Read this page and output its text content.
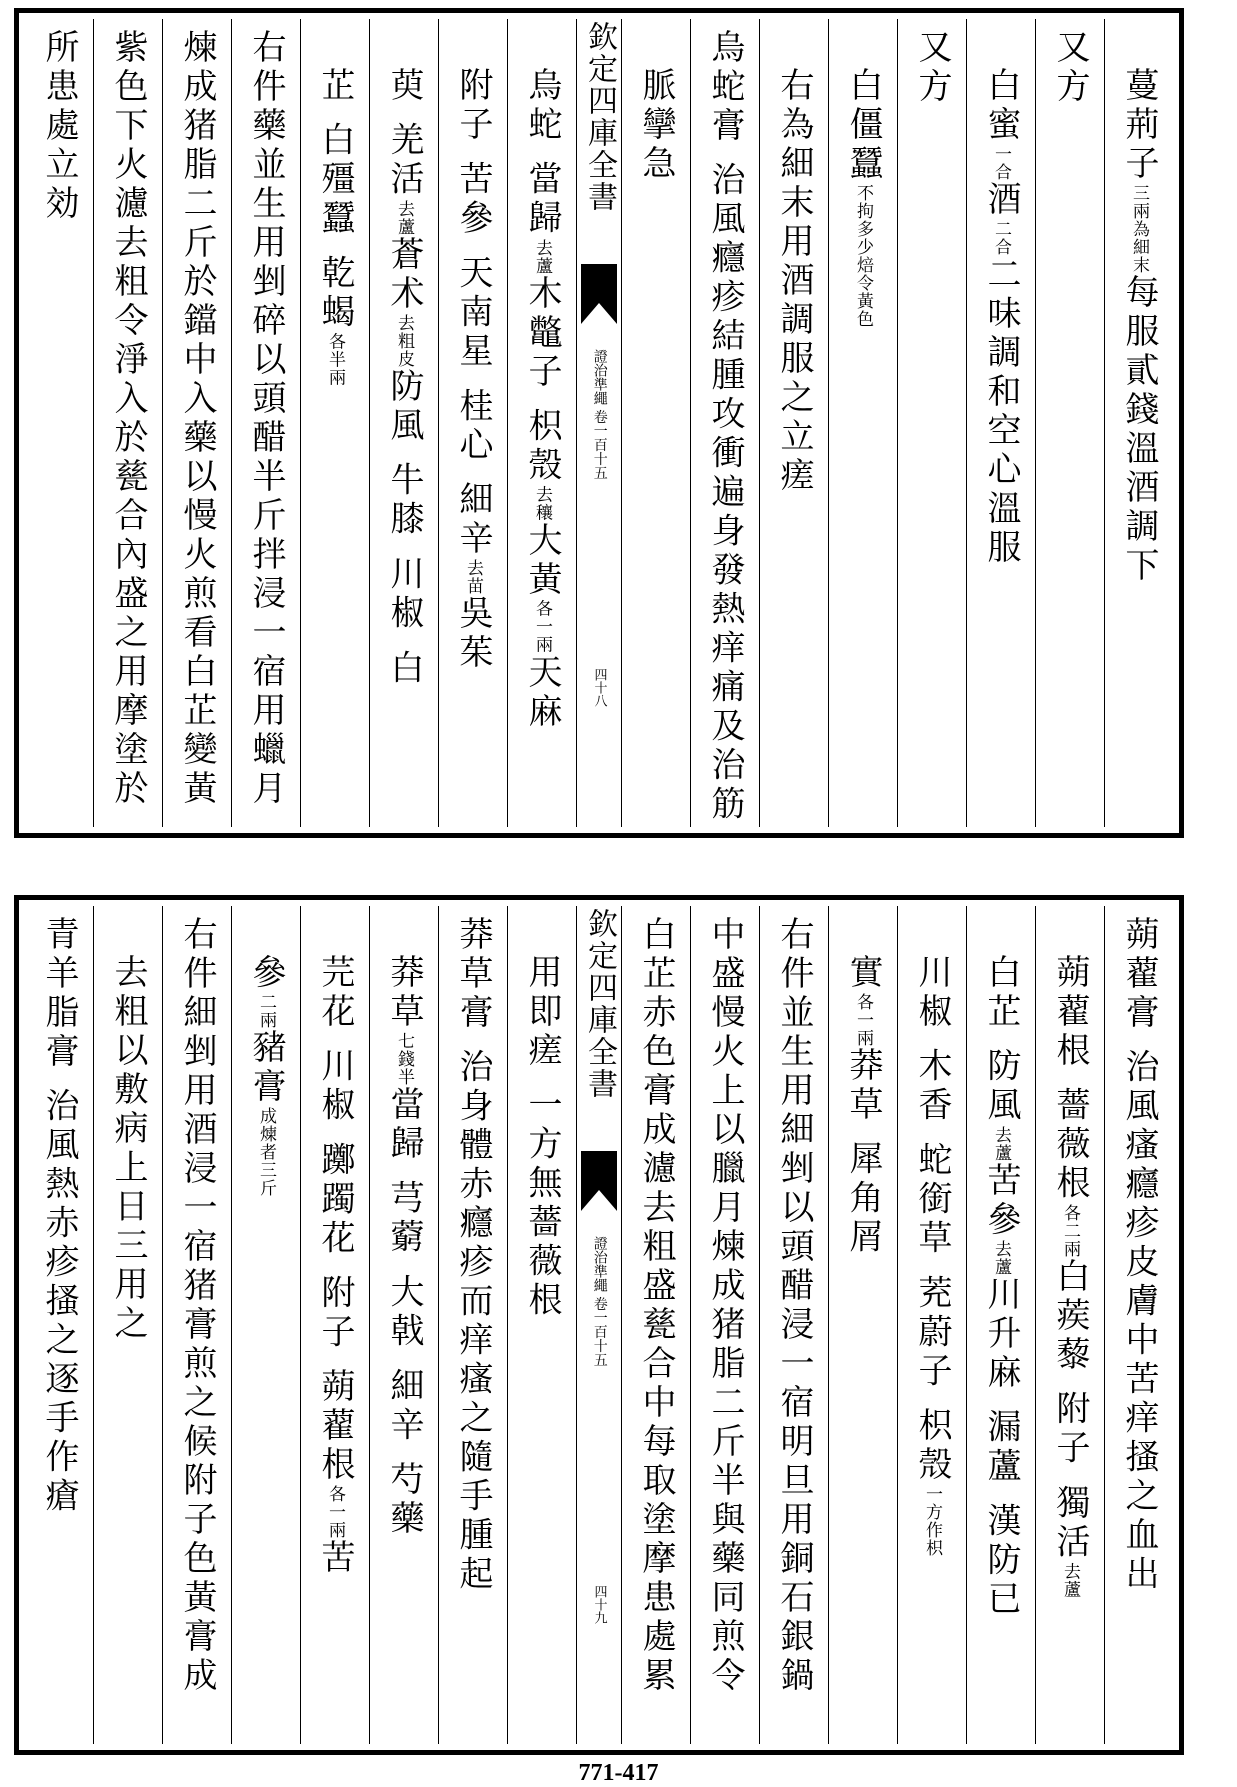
蔓荊子三兩為細末每服貳錢溫酒調下
又方
白蜜一合酒二合二味調和空心溫服
又方
白僵蠶不拘多少焙令黃色
右為細末用酒調服之立瘥
烏蛇膏 治風癮疹結腫攻衝遍身發熱痒痛及治筋
脈攣急
欽定四庫全書
證治準繩 卷一百十五
四十八
烏蛇 當歸去蘆木鼈子 枳殼去穰大黃各一兩天麻
附子 苦參 天南星 桂心 細辛去苗吳茱
萸 羌活去蘆蒼术去粗皮防風 牛膝 川椒 白
芷 白殭蠶 乾蝎各半兩
右件藥並生用剉碎以頭醋半斤拌浸一宿用蠟月
煉成猪脂二斤於鐺中入藥以慢火煎看白芷變黃
紫色下火濾去粗令淨入於甆合內盛之用摩塗於
所患處立効
蒴藋膏 治風瘙癮疹皮膚中苦痒搔之血出
蒴藋根 薔薇根各二兩白蒺藜 附子 獨活去蘆
白芷 防風去蘆苦參去蘆川升麻 漏蘆 漢防已
川椒 木香 蛇銜草 茺蔚子 枳殼一方作枳
實各一兩莽草 犀角屑
右件並生用細剉以頭醋浸一宿明旦用銅石銀鍋
中盛慢火上以臘月煉成猪脂二斤半與藥同煎令
白芷赤色膏成濾去粗盛甆合中每取塗摩患處累
欽定四庫全書
證治準繩 卷一百十五
四十九
用即瘥 一方無薔薇根
莽草膏 治身體赤癮疹而痒瘙之隨手腫起
莽草七錢半當歸 芎藭 大戟 細辛 芍藥
芫花 川椒 躑躅花 附子 蒴藋根各一兩苦
參二兩豬膏成煉者三斤
右件細剉用酒浸一宿猪膏煎之候附子色黃膏成
去粗以敷病上日三用之
青羊脂膏 治風熱赤疹搔之逐手作瘡
771-417
